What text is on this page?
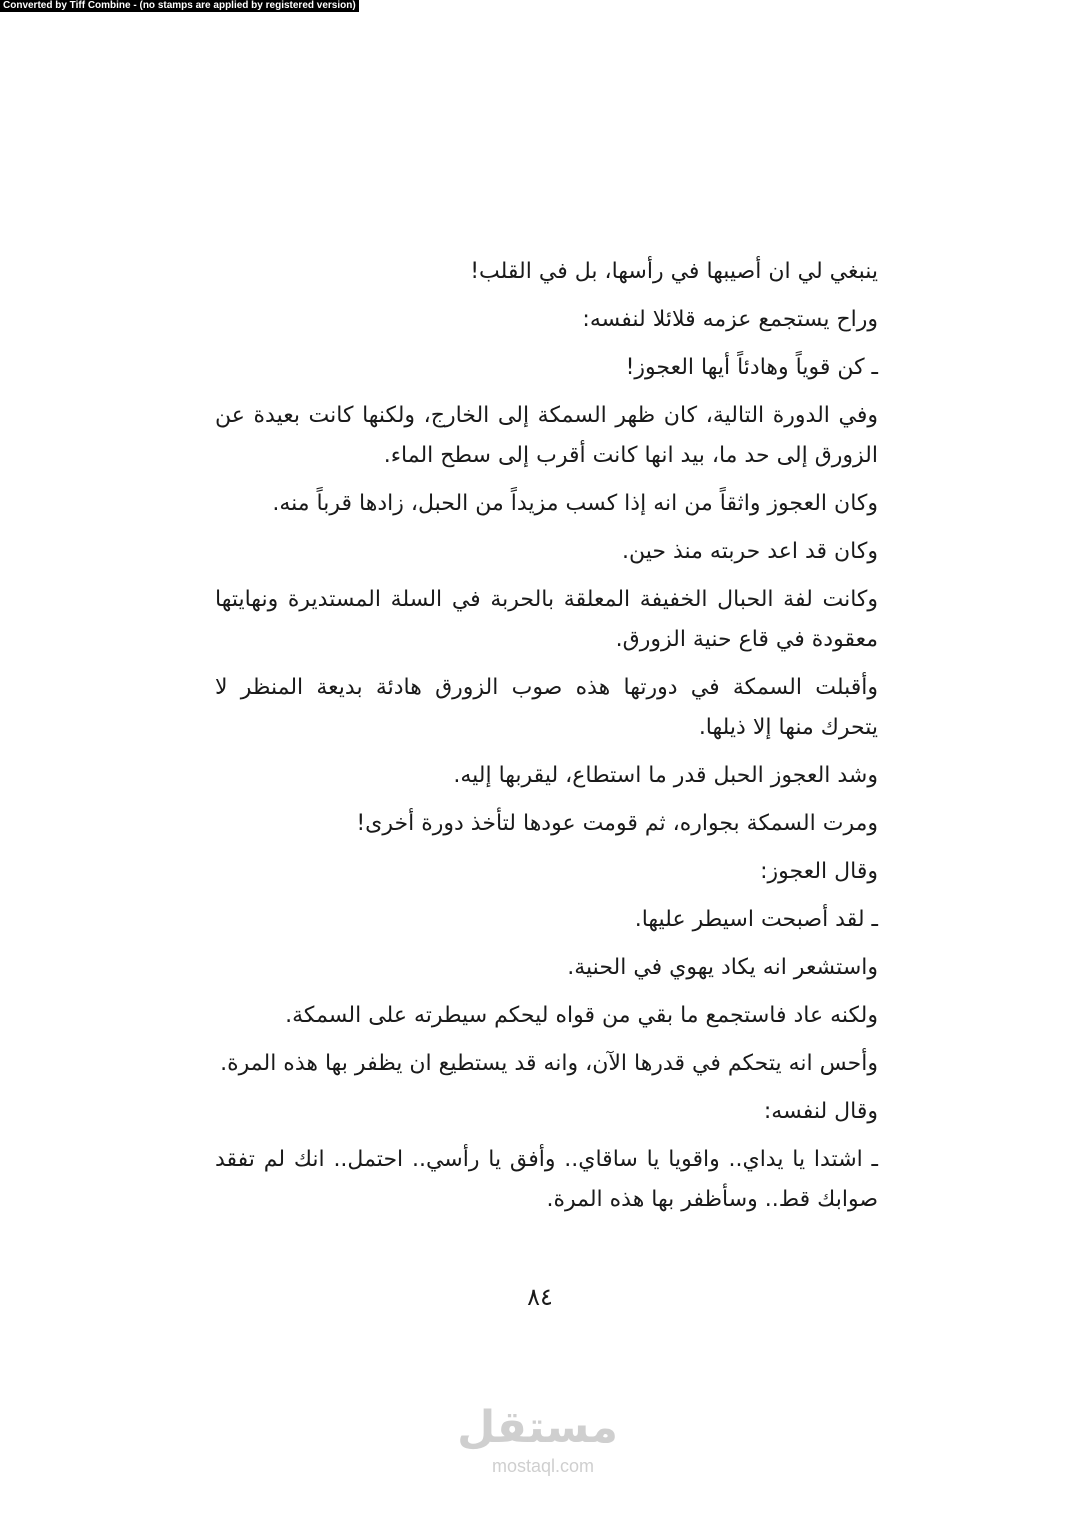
Converted by Tiff Combine - (no stamps are applied by registered version)

ينبغي لي ان أصيبها في رأسها، بل في القلب!

وراح يستجمع عزمه قلائلا لنفسه:

ـ كن قوياً وهادئاً أيها العجوز!

وفي الدورة التالية، كان ظهر السمكة إلى الخارج، ولكنها كانت بعيدة عن الزورق إلى حد ما، بيد انها كانت أقرب إلى سطح الماء.

وكان العجوز واثقاً من انه إذا كسب مزيداً من الحبل، زادها قرباً منه.

وكان قد اعد حربته منذ حين.

وكانت لفة الحبال الخفيفة المعلقة بالحربة في السلة المستديرة ونهايتها معقودة في قاع حنية الزورق.

وأقبلت السمكة في دورتها هذه صوب الزورق هادئة بديعة المنظر لا يتحرك منها إلا ذيلها.

وشد العجوز الحبل قدر ما استطاع، ليقربها إليه.

ومرت السمكة بجواره، ثم قومت عودها لتأخذ دورة أخرى!

وقال العجوز:

ـ لقد أصبحت اسيطر عليها.

واستشعر انه يكاد يهوي في الحنية.

ولكنه عاد فاستجمع ما بقي من قواه ليحكم سيطرته على السمكة.

وأحس انه يتحكم في قدرها الآن، وانه قد يستطيع ان يظفر بها هذه المرة.

وقال لنفسه:

ـ اشتدا يا يداي.. واقويا يا ساقاي.. وأفق يا رأسي.. احتمل.. انك لم تفقد صوابك قط.. وسأظفر بها هذه المرة.

٨٤
مستقل
mostaql.com
